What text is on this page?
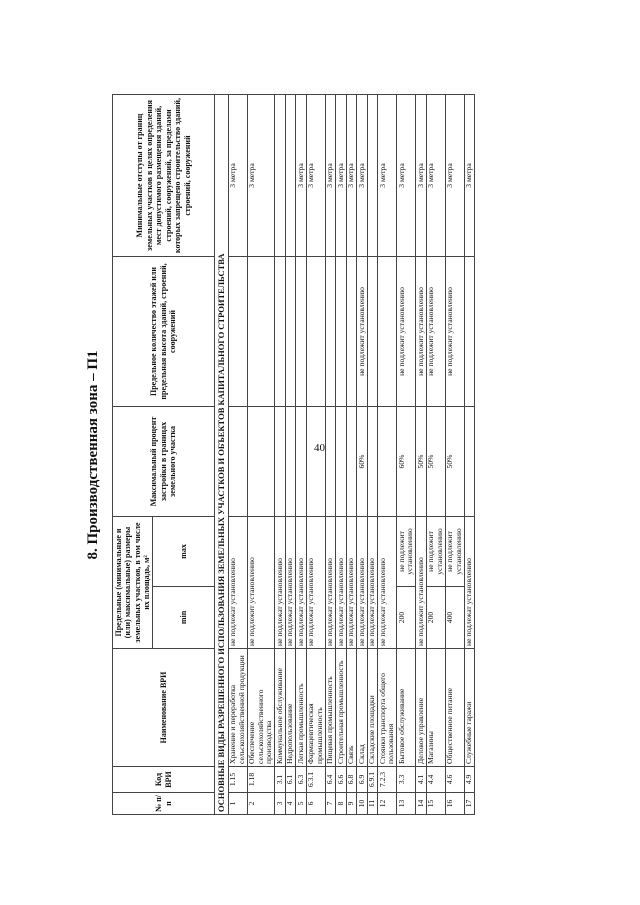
40
8. Производственная зона – П1
№ п/п	Код ВРИ	Наименование ВРИ	Предельные (минимальные и (или) максимальные) размеры земельных участков, в том числе их площадь, м²		Максимальный процент застройки в границах земельного участка	Предельное количество этажей или предельная высота зданий, строений, сооружений	Минимальные отступы от границ земельных участков в целях определения мест допустимого размещения зданий, строений, сооружений, за пределами которых запрещено строительство зданий, строений, сооружений
			min	max			
ОСНОВНЫЕ ВИДЫ РАЗРЕШЕННОГО ИСПОЛЬЗОВАНИЯ ЗЕМЕЛЬНЫХ УЧАСТКОВ И ОБЪЕКТОВ КАПИТАЛЬНОГО СТРОИТЕЛЬСТВА							
1	1.15	Хранение и переработка сельскохозяйственной продукции	не подлежат установлению				3 метра
2	1.18	Обеспечение сельскохозяйственного производства	не подлежит установлению				3 метра
3	3.1	Коммунальное обслуживание	не подлежат установлению				
4	6.1	Недропользование	не подлежат установлению				
5	6.3	Легкая промышленность	не подлежат установлению				3 метра
6	6.3.1	Фармацевтическая промышленность	не подлежат установлению				3 метра
7	6.4	Пищевая промышленность	не подлежат установлению				3 метра
8	6.6	Строительная промышленность	не подлежат установлению				3 метра
9	6.8	Связь	не подлежат установлению				3 метра
10	6.9	Склад	не подлежат установлению		60%	не подлежит установлению	3 метра
11	6.9.1	Складские площадки	не подлежат установлению				
12	7.2.3	Стоянки транспорта общего пользования	не подлежат установлению				3 метра
13	3.3	Бытовое обслуживание	200	не подлежит установлению	60%	не подлежит установлению	3 метра
14	4.1	Деловое управление	не подлежит установлению		50%	не подлежит установлению	3 метра
15	4.4	Магазины	200	не подлежит установлению	50%	не подлежит установлению	3 метра
16	4.6	Общественное питание	400	не подлежит установлению	50%	не подлежит установлению	3 метра
17	4.9	Служебные гаражи	не подлежат установлению				3 метра
